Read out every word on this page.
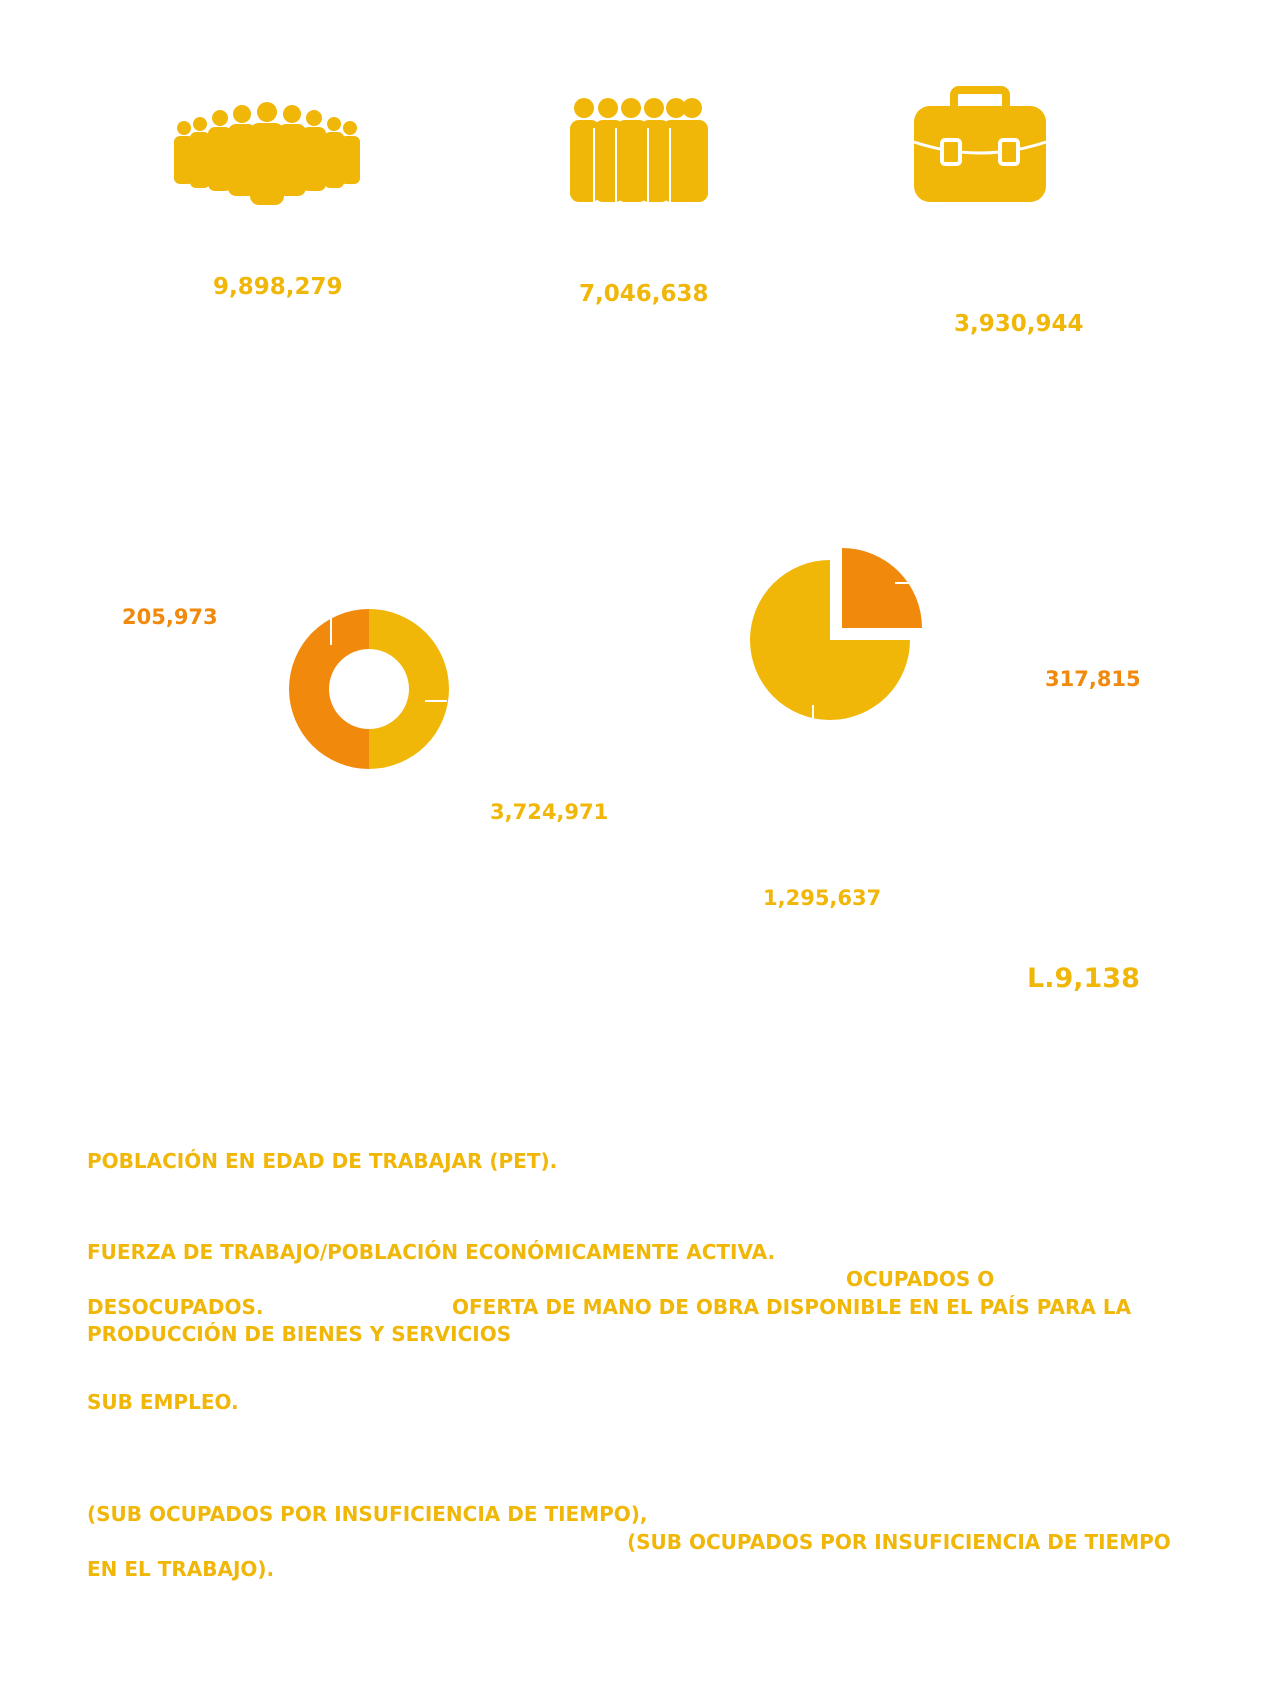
9,898,279	7,046,638
3,930,944
205,973
3,724,971
317,815
1,295,637
L.9,138
POBLACIÓN EN EDAD DE TRABAJAR (PET).
FUERZA DE TRABAJO/POBLACIÓN ECONÓMICAMENTE ACTIVA.
OCUPADOS O
DESOCUPADOS.	OFERTA DE MANO DE OBRA DISPONIBLE EN EL PAÍS PARA LA
PRODUCCIÓN DE BIENES Y SERVICIOS
SUB EMPLEO.
(SUB OCUPADOS POR INSUFICIENCIA DE TIEMPO),
(SUB OCUPADOS POR INSUFICIENCIA DE TIEMPO
EN EL TRABAJO).
